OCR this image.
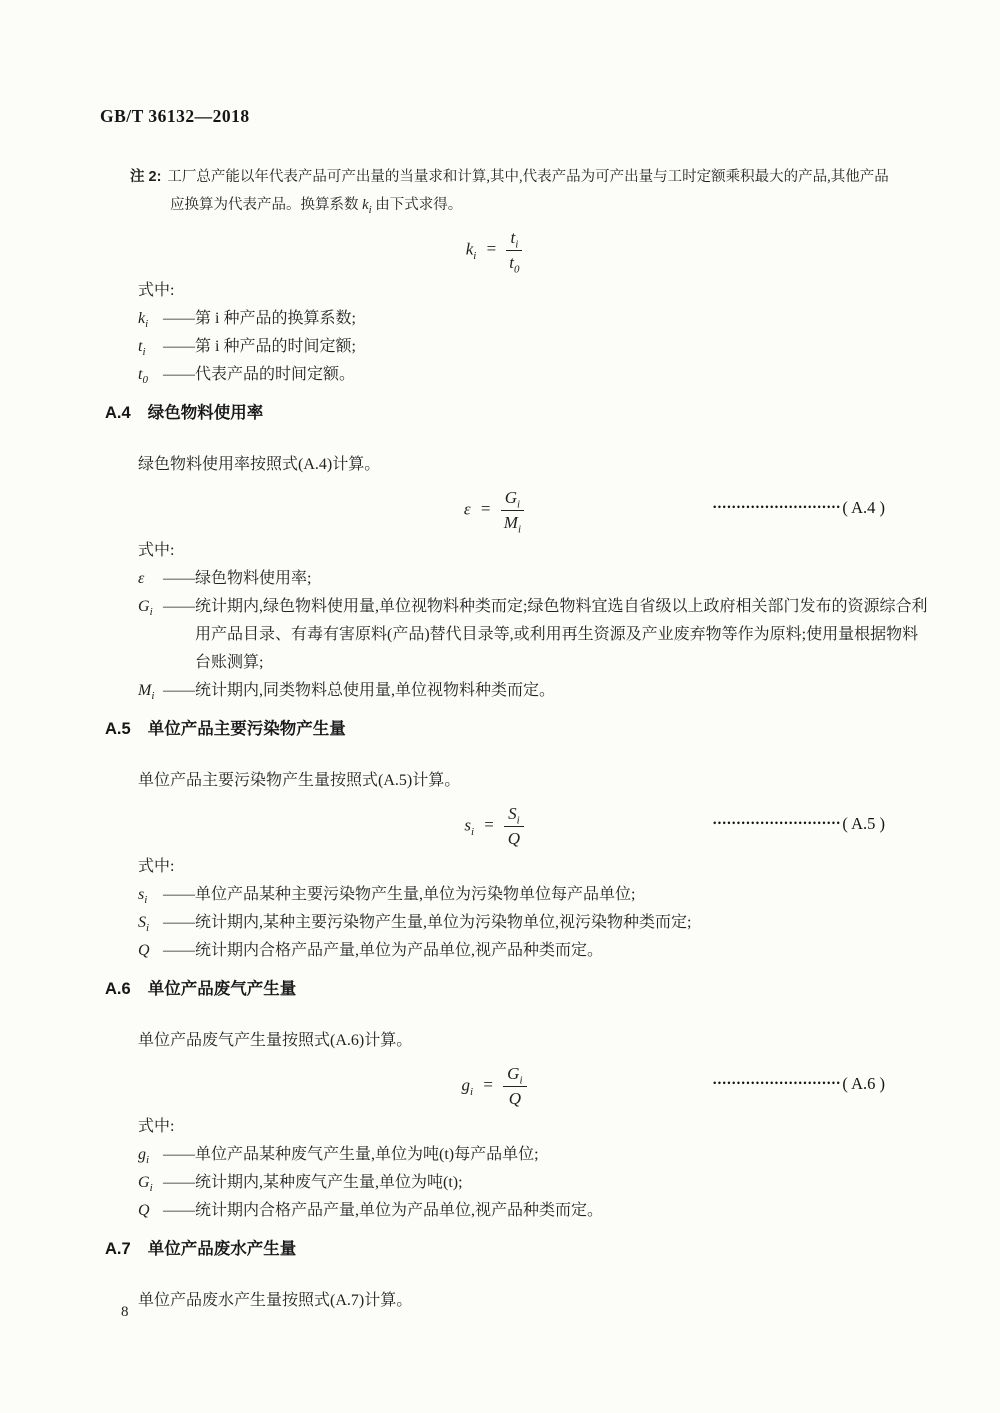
GB/T 36132—2018
注 2: 工厂总产能以年代表产品可产出量的当量求和计算,其中,代表产品为可产出量与工时定额乘积最大的产品,其他产品应换算为代表产品。换算系数 $k_i$ 由下式求得。
$k_i = \frac{t_i}{t_0}$
式中:
$k_i$ ——第 i 种产品的换算系数;
$t_i$ ——第 i 种产品的时间定额;
$t_0$ ——代表产品的时间定额。
A.4 绿色物料使用率
绿色物料使用率按照式(A.4)计算。
$\varepsilon = \frac{G_i}{M_i}$	•••••••••••••••••••••••••••( A.4 )
式中:
ε ——绿色物料使用率;
$G_i$ ——统计期内,绿色物料使用量,单位视物料种类而定;绿色物料宜选自省级以上政府相关部门发布的资源综合利用产品目录、有毒有害原料(产品)替代目录等,或利用再生资源及产业废弃物等作为原料;使用量根据物料台账测算;
$M_i$ ——统计期内,同类物料总使用量,单位视物料种类而定。
A.5 单位产品主要污染物产生量
单位产品主要污染物产生量按照式(A.5)计算。
$s_i = \frac{S_i}{Q}$	•••••••••••••••••••••••••••( A.5 )
式中:
$s_i$ ——单位产品某种主要污染物产生量,单位为污染物单位每产品单位;
$S_i$ ——统计期内,某种主要污染物产生量,单位为污染物单位,视污染物种类而定;
Q ——统计期内合格产品产量,单位为产品单位,视产品种类而定。
A.6 单位产品废气产生量
单位产品废气产生量按照式(A.6)计算。
$g_i = \frac{G_i}{Q}$	•••••••••••••••••••••••••••( A.6 )
式中:
$g_i$ ——单位产品某种废气产生量,单位为吨(t)每产品单位;
$G_i$ ——统计期内,某种废气产生量,单位为吨(t);
Q ——统计期内合格产品产量,单位为产品单位,视产品种类而定。
A.7 单位产品废水产生量
单位产品废水产生量按照式(A.7)计算。
8
